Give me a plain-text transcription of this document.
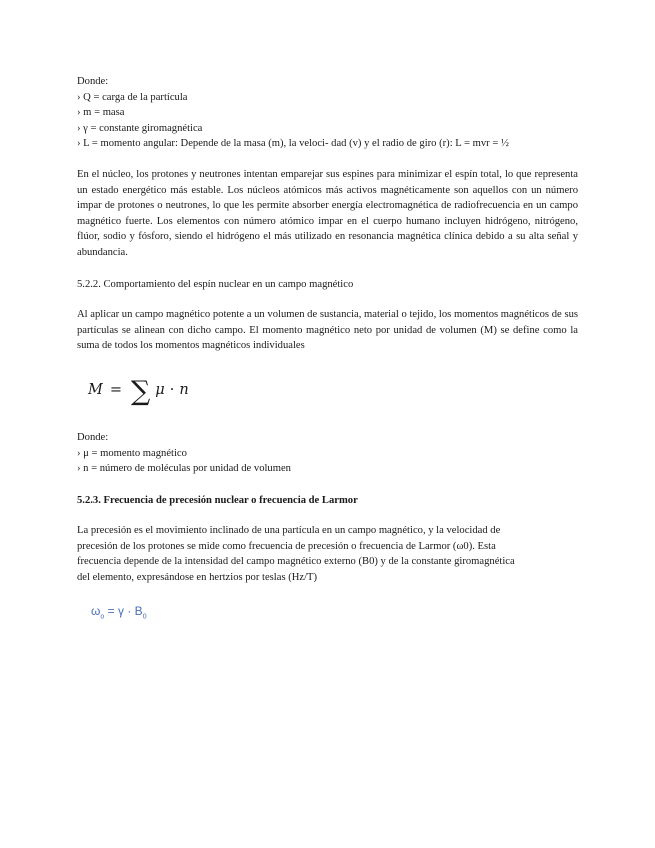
Donde:
› Q = carga de la partícula
› m = masa
› γ = constante giromagnética
› L = momento angular: Depende de la masa (m), la veloci- dad (v) y el radio de giro (r): L = mvr = ½

En el núcleo, los protones y neutrones intentan emparejar sus espines para minimizar el espín total, lo que representa un estado energético más estable. Los núcleos atómicos más activos magnéticamente son aquellos con un número impar de protones o neutrones, lo que les permite absorber energía electromagnética de radiofrecuencia en un campo magnético fuerte. Los elementos con número atómico impar en el cuerpo humano incluyen hidrógeno, nitrógeno, flúor, sodio y fósforo, siendo el hidrógeno el más utilizado en resonancia magnética clínica debido a su alta señal y abundancia.

5.2.2. Comportamiento del espín nuclear en un campo magnético

Al aplicar un campo magnético potente a un volumen de sustancia, material o tejido, los momentos magnéticos de sus partículas se alinean con dicho campo. El momento magnético neto por unidad de volumen (M) se define como la suma de todos los momentos magnéticos individuales

M = ∑ μ · n
Donde:
› μ = momento magnético
› n = número de moléculas por unidad de volumen
5.2.3. Frecuencia de precesión nuclear o frecuencia de Larmor
La precesión es el movimiento inclinado de una partícula en un campo magnético, y la velocidad de
precesión de los protones se mide como frecuencia de precesión o frecuencia de Larmor (ω0). Esta
frecuencia depende de la intensidad del campo magnético externo (B0) y de la constante giromagnética
del elemento, expresándose en hertzios por teslas (Hz/T)
$\omega_o = \gamma \cdot B_0$
